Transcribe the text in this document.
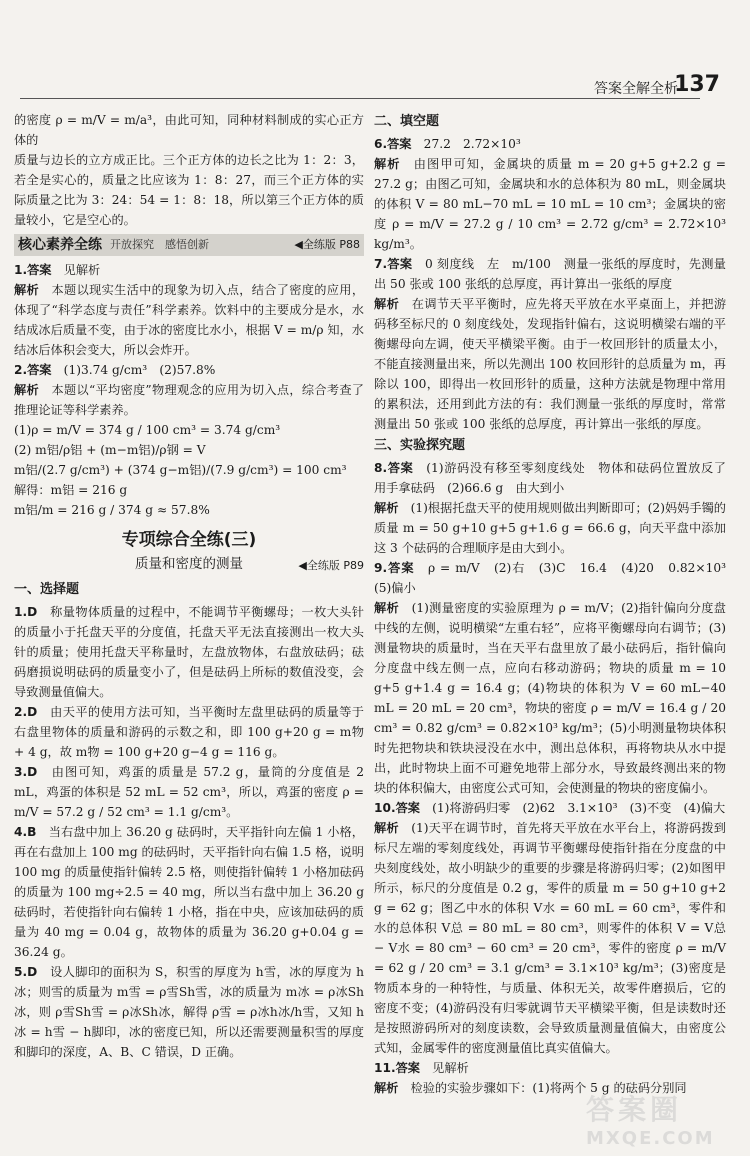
答案全解全析
137

的密度 ρ = m/V = m/a³，由此可知，同种材料制成的实心正方体的

质量与边长的立方成正比。三个正方体的边长之比为 1：2：3，若全是实心的，质量之比应该为 1：8：27，而三个正方体的实际质量之比为 3：24：54 = 1：8：18，所以第三个正方体的质量较小，它是空心的。

核心素养全练 开放探究　感悟创新	◀全练版 P88

1.答案　见解析

解析　本题以现实生活中的现象为切入点，结合了密度的应用，体现了“科学态度与责任”科学素养。饮料中的主要成分是水，水结成冰后质量不变，由于冰的密度比水小，根据 V = m/ρ 知，水结冰后体积会变大，所以会炸开。

2.答案　(1)3.74 g/cm³　(2)57.8%

解析　本题以“平均密度”物理观念的应用为切入点，综合考查了推理论证等科学素养。

(1)ρ = m/V = 374 g / 100 cm³ = 3.74 g/cm³

(2) m铝/ρ铝 + (m−m铝)/ρ钢 = V

m铝/(2.7 g/cm³) + (374 g−m铝)/(7.9 g/cm³) = 100 cm³

解得：m铝 = 216 g

m铝/m = 216 g / 374 g ≈ 57.8%

专项综合全练(三)
质量和密度的测量	◀全练版 P89
一、选择题

1.D　称量物体质量的过程中，不能调节平衡螺母；一枚大头针的质量小于托盘天平的分度值，托盘天平无法直接测出一枚大头针的质量；使用托盘天平称量时，左盘放物体，右盘放砝码；砝码磨损说明砝码的质量变小了，但是砝码上所标的数值没变，会导致测量值偏大。

2.D　由天平的使用方法可知，当平衡时左盘里砝码的质量等于右盘里物体的质量和游码的示数之和，即 100 g+20 g = m物 + 4 g，故 m物 = 100 g+20 g−4 g = 116 g。

3.D　由图可知，鸡蛋的质量是 57.2 g，量筒的分度值是 2 mL，鸡蛋的体积是 52 mL = 52 cm³，所以，鸡蛋的密度 ρ = m/V = 57.2 g / 52 cm³ = 1.1 g/cm³。

4.B　当右盘中加上 36.20 g 砝码时，天平指针向左偏 1 小格，再在右盘加上 100 mg 的砝码时，天平指针向右偏 1.5 格，说明 100 mg 的质量使指针偏转 2.5 格，则使指针偏转 1 小格加砝码的质量为 100 mg÷2.5 = 40 mg，所以当右盘中加上 36.20 g 砝码时，若使指针向右偏转 1 小格，指在中央，应该加砝码的质量为 40 mg = 0.04 g，故物体的质量为 36.20 g+0.04 g = 36.24 g。

5.D　设人脚印的面积为 S，积雪的厚度为 h雪，冰的厚度为 h冰；则雪的质量为 m雪 = ρ雪Sh雪，冰的质量为 m冰 = ρ冰Sh冰，则 ρ雪Sh雪 = ρ冰Sh冰，解得 ρ雪 = ρ冰h冰/h雪，又知 h冰 = h雪 − h脚印，冰的密度已知，所以还需要测量积雪的厚度和脚印的深度，A、B、C 错误，D 正确。

二、填空题

6.答案　27.2　2.72×10³

解析　由图甲可知，金属块的质量 m = 20 g+5 g+2.2 g = 27.2 g；由图乙可知，金属块和水的总体积为 80 mL，则金属块的体积 V = 80 mL−70 mL = 10 mL = 10 cm³；金属块的密度 ρ = m/V = 27.2 g / 10 cm³ = 2.72 g/cm³ = 2.72×10³ kg/m³。

7.答案　0 刻度线　左　m/100　测量一张纸的厚度时，先测量出 50 张或 100 张纸的总厚度，再计算出一张纸的厚度

解析　在调节天平平衡时，应先将天平放在水平桌面上，并把游码移至标尺的 0 刻度线处，发现指针偏右，这说明横梁右端的平衡螺母向左调，使天平横梁平衡。由于一枚回形针的质量太小，不能直接测量出来，所以先测出 100 枚回形针的总质量为 m，再除以 100，即得出一枚回形针的质量，这种方法就是物理中常用的累积法，还用到此方法的有：我们测量一张纸的厚度时，常常测量出 50 张或 100 张纸的总厚度，再计算出一张纸的厚度。

三、实验探究题

8.答案　(1)游码没有移至零刻度线处　物体和砝码位置放反了　用手拿砝码　(2)66.6 g　由大到小

解析　(1)根据托盘天平的使用规则做出判断即可；(2)妈妈手镯的质量 m = 50 g+10 g+5 g+1.6 g = 66.6 g，向天平盘中添加这 3 个砝码的合理顺序是由大到小。

9.答案　ρ = m/V　(2)右　(3)C　16.4　(4)20　0.82×10³　(5)偏小

解析　(1)测量密度的实验原理为 ρ = m/V；(2)指针偏向分度盘中线的左侧，说明横梁“左重右轻”，应将平衡螺母向右调节；(3)测量物块的质量时，当在天平右盘里放了最小砝码后，指针偏向分度盘中线左侧一点，应向右移动游码；物块的质量 m = 10 g+5 g+1.4 g = 16.4 g；(4)物块的体积为 V = 60 mL−40 mL = 20 mL = 20 cm³，物块的密度 ρ = m/V = 16.4 g / 20 cm³ = 0.82 g/cm³ = 0.82×10³ kg/m³；(5)小明测量物块体积时先把物块和铁块浸没在水中，测出总体积，再将物块从水中提出，此时物块上面不可避免地带上部分水，导致最终测出来的物块的体积偏大，由密度公式可知，会使测量的物块的密度偏小。

10.答案　(1)将游码归零　(2)62　3.1×10³　(3)不变　(4)偏大

解析　(1)天平在调节时，首先将天平放在水平台上，将游码拨到标尺左端的零刻度线处，再调节平衡螺母使指针指在分度盘的中央刻度线处，故小明缺少的重要的步骤是将游码归零；(2)如图甲所示，标尺的分度值是 0.2 g，零件的质量 m = 50 g+10 g+2 g = 62 g；图乙中水的体积 V水 = 60 mL = 60 cm³，零件和水的总体积 V总 = 80 mL = 80 cm³，则零件的体积 V = V总 − V水 = 80 cm³ − 60 cm³ = 20 cm³，零件的密度 ρ = m/V = 62 g / 20 cm³ = 3.1 g/cm³ = 3.1×10³ kg/m³；(3)密度是物质本身的一种特性，与质量、体积无关，故零件磨损后，它的密度不变；(4)游码没有归零就调节天平横梁平衡，但是读数时还是按照游码所对的刻度读数，会导致质量测量值偏大，由密度公式知，金属零件的密度测量值比真实值偏大。

11.答案　见解析

解析　检验的实验步骤如下：(1)将两个 5 g 的砝码分别同

答案圈
MXQE.COM
